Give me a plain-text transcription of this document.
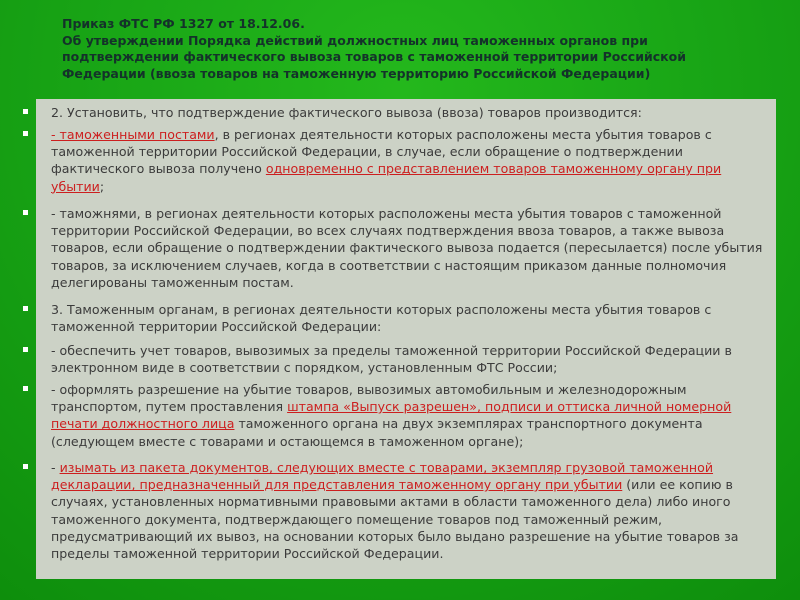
Приказ ФТС РФ 1327 от 18.12.06.
Об утверждении Порядка действий должностных лиц таможенных органов при
подтверждении фактического вывоза товаров с таможенной территории Российской
Федерации (ввоза товаров на таможенную территорию Российской Федерации)
2. Установить, что подтверждение фактического вывоза (ввоза) товаров производится:
- таможенными постами, в регионах деятельности которых расположены места убытия товаров с таможенной территории Российской Федерации, в случае, если обращение о подтверждении фактического вывоза получено одновременно с представлением товаров таможенному органу при убытии;
- таможнями, в регионах деятельности которых расположены места убытия товаров с таможенной территории Российской Федерации, во всех случаях подтверждения ввоза товаров, а также вывоза товаров, если обращение о подтверждении фактического вывоза подается (пересылается) после убытия товаров, за исключением случаев, когда в соответствии с настоящим приказом данные полномочия делегированы таможенным постам.
3. Таможенным органам, в регионах деятельности которых расположены места убытия товаров с таможенной территории Российской Федерации:
- обеспечить учет товаров, вывозимых за пределы таможенной территории Российской Федерации в электронном виде в соответствии с порядком, установленным ФТС России;
- оформлять разрешение на убытие товаров, вывозимых автомобильным и железнодорожным транспортом, путем проставления штампа «Выпуск разрешен», подписи и оттиска личной номерной печати должностного лица таможенного органа на двух экземплярах транспортного документа (следующем вместе с товарами и остающемся в таможенном органе);
- изымать из пакета документов, следующих вместе с товарами, экземпляр грузовой таможенной декларации, предназначенный для представления таможенному органу при убытии (или ее копию в случаях, установленных нормативными правовыми актами в области таможенного дела) либо иного таможенного документа, подтверждающего помещение товаров под таможенный режим, предусматривающий их вывоз, на основании которых было выдано разрешение на убытие товаров за пределы таможенной территории Российской Федерации.
